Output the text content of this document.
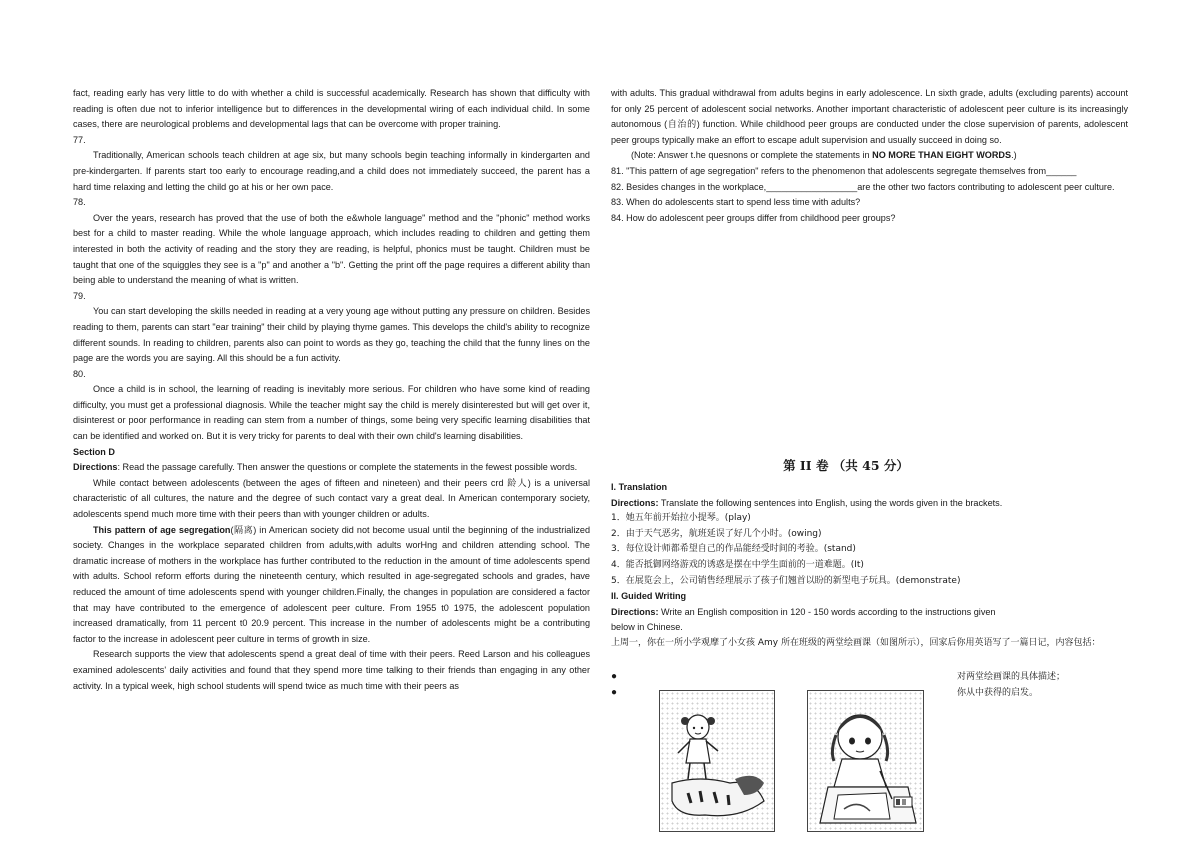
fact, reading early has very little to do with whether a child is successful academically. Research has shown that difficulty with reading is often due not to inferior intelligence but to differences in the developmental wiring of each individual child. In some cases, there are neurological problems and developmental lags that can be overcome with proper training.

77.

Traditionally, American schools teach children at age six, but many schools begin teaching informally in kindergarten and pre-kindergarten. If parents start too early to encourage reading,and a child does not immediately succeed, the parent has a hard time relaxing and letting the child go at his or her own pace.

78.

Over the years, research has proved that the use of both the e&whole language" method and the "phonic" method works best for a child to master reading. While the whole language approach, which includes reading to children and getting them interested in both the activity of reading and the story they are reading, is helpful, phonics must be taught. Children must be taught that one of the squiggles they see is a "p" and another a "b". Getting the print off the page requires a different ability than being able to understand the meaning of what is written.

79.

You can start developing the skills needed in reading at a very young age without putting any pressure on children. Besides reading to them, parents can start "ear training" their child by playing thyme games. This develops the child's ability to recognize different sounds. In reading to children, parents also can point to words as they go, teaching the child that the funny lines on the page are the words you are saying. All this should be a fun activity.

80.

Once a child is in school, the learning of reading is inevitably more serious. For children who have some kind of reading difficulty, you must get a professional diagnosis. While the teacher might say the child is merely disinterested but will get over it, disinterest or poor performance in reading can stem from a number of things, some being very specific learning disabilities that can be identified and worked on. But it is very tricky for parents to deal with their own child's learning disabilities.

Section D

Directions: Read the passage carefully. Then answer the questions or complete the statements in the fewest possible words.

While contact between adolescents (between the ages of fifteen and nineteen) and their peers crd 龄人) is a universal characteristic of all cultures, the nature and the degree of such contact vary a great deal. In American contemporary society, adolescents spend much more time with their peers than with younger children or adults.

This pattern of age segregation(隔离) in American society did not become usual until the beginning of the industrialized society. Changes in the workplace separated children from adults,with adults worHng and children attending school. The dramatic increase of mothers in the workplace has further contributed to the reduction in the amount of time adolescents spend with adults. School reform efforts during the nineteenth century, which resulted in age-segregated schools and grades, have reduced the amount of time adolescents spend with younger children.Finally, the changes in population are considered a factor that may have contributed to the emergence of adolescent peer culture. From 1955 t0 1975, the adolescent population increased dramatically, from 11 percent t0 20.9 percent. This increase in the number of adolescents might be a contributing factor to the increase in adolescent peer culture in terms of growth in size.

Research supports the view that adolescents spend a great deal of time with their peers. Reed Larson and his colleagues examined adolescents' daily activities and found that they spend more time talking to their friends than engaging in any other activity. In a typical week, high school students will spend twice as much time with their peers as

with adults. This gradual withdrawal from adults begins in early adolescence. Ln sixth grade, adults (excluding parents) account for only 25 percent of adolescent social networks. Another important characteristic of adolescent peer culture is its increasingly autonomous (自治的) function. While childhood peer groups are conducted under the close supervision of parents, adolescent peer groups typically make an effort to escape adult supervision and usually succeed in doing so.

(Note: Answer t.he quesnons or complete the statements in NO MORE THAN EIGHT WORDS.)

81. "This pattern of age segregation" refers to the phenomenon that adolescents segregate themselves from______

82. Besides changes in the workplace,__________________are the other two factors contributing to adolescent peer culture.

83. When do adolescents start to spend less time with adults?

84. How do adolescent peer groups differ from childhood peer groups?

第 II 卷 （共 45 分）

I. Translation

Directions: Translate the following sentences into English, using the words given in the brackets.

1．她五年前开始拉小提琴。(play)

2．由于天气恶劣，航班延误了好几个小时。(owing)

3．每位设计师都希望自己的作品能经受时间的考验。(stand)

4．能否抵御网络游戏的诱惑是摆在中学生面前的一道难题。(It)

5．在展览会上，公司销售经理展示了孩子们翘首以盼的新型电子玩具。(demonstrate)

II. Guided Writing

Directions: Write an English composition in 120 - 150 words according to the instructions given

below in Chinese.

上周一，你在一所小学观摩了小女孩 Amy 所在班级的两堂绘画课（如图所示），回家后你用英语写了一篇日记，内容包括：

●
●
对两堂绘画课的具体描述；
你从中获得的启发。
